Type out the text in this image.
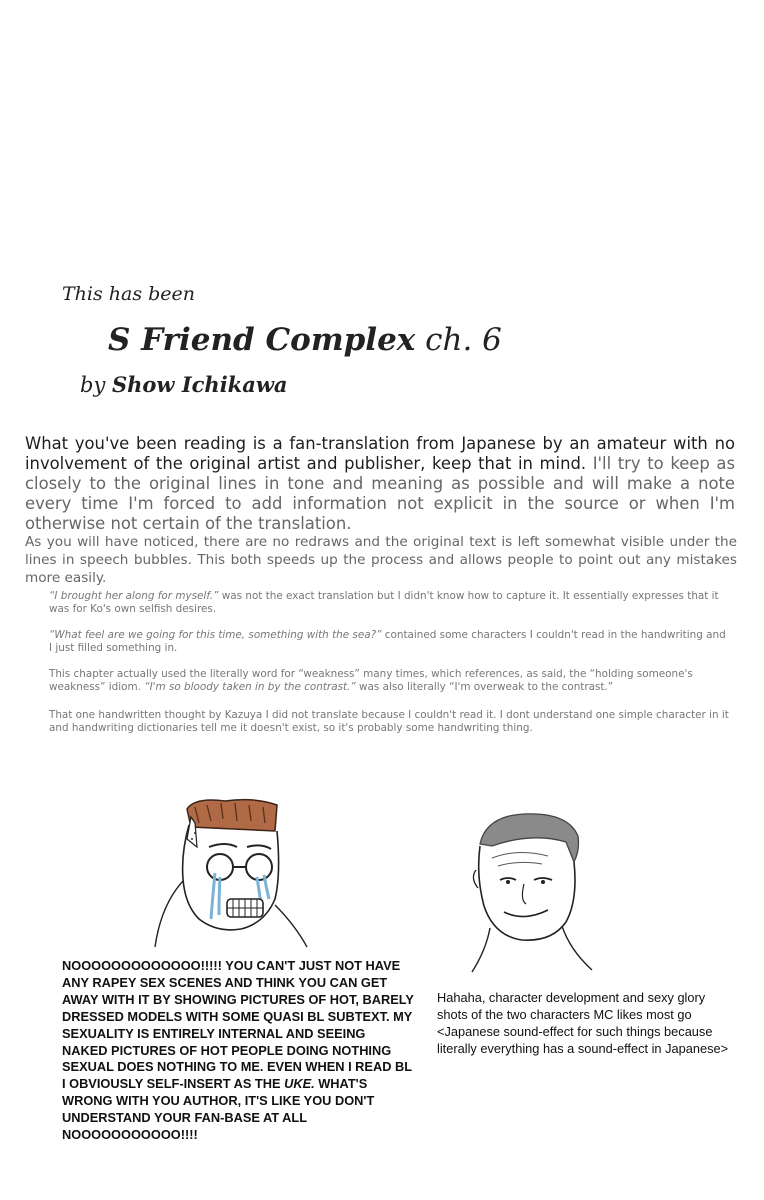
This has been
S Friend Complex ch. 6
by Show Ichikawa
What you've been reading is a fan-translation from Japanese by an amateur with no involvement of the original artist and publisher, keep that in mind. I'll try to keep as closely to the original lines in tone and meaning as possible and will make a note every time I'm forced to add information not explicit in the source or when I'm otherwise not certain of the translation.
As you will have noticed, there are no redraws and the original text is left somewhat visible under the lines in speech bubbles. This both speeds up the process and allows people to point out any mistakes more easily.
“I brought her along for myself.” was not the exact translation but I didn't know how to capture it. It essentially expresses that it was for Ko's own selfish desires.
“What feel are we going for this time, something with the sea?” contained some characters I couldn't read in the handwriting and I just filled something in.
This chapter actually used the literally word for “weakness” many times, which references, as said, the “holding someone's weakness” idiom. “I'm so bloody taken in by the contrast.” was also literally “I'm overweak to the contrast.”
That one handwritten thought by Kazuya I did not translate because I couldn't read it. I dont understand one simple character in it and handwriting dictionaries tell me it doesn't exist, so it's probably some handwriting thing.
NOOOOOOOOOOOOO!!!!! YOU CAN'T JUST NOT HAVE ANY RAPEY SEX SCENES AND THINK YOU CAN GET AWAY WITH IT BY SHOWING PICTURES OF HOT, BARELY DRESSED MODELS WITH SOME QUASI BL SUBTEXT. MY SEXUALITY IS ENTIRELY INTERNAL AND SEEING NAKED PICTURES OF HOT PEOPLE DOING NOTHING SEXUAL DOES NOTHING TO ME. EVEN WHEN I READ BL I OBVIOUSLY SELF-INSERT AS THE UKE. WHAT'S WRONG WITH YOU AUTHOR, IT'S LIKE YOU DON'T UNDERSTAND YOUR FAN-BASE AT ALL NOOOOOOOOOOO!!!!
Hahaha, character development and sexy glory shots of the two characters MC likes most go <Japanese sound-effect for such things because literally everything has a sound-effect in Japanese>
